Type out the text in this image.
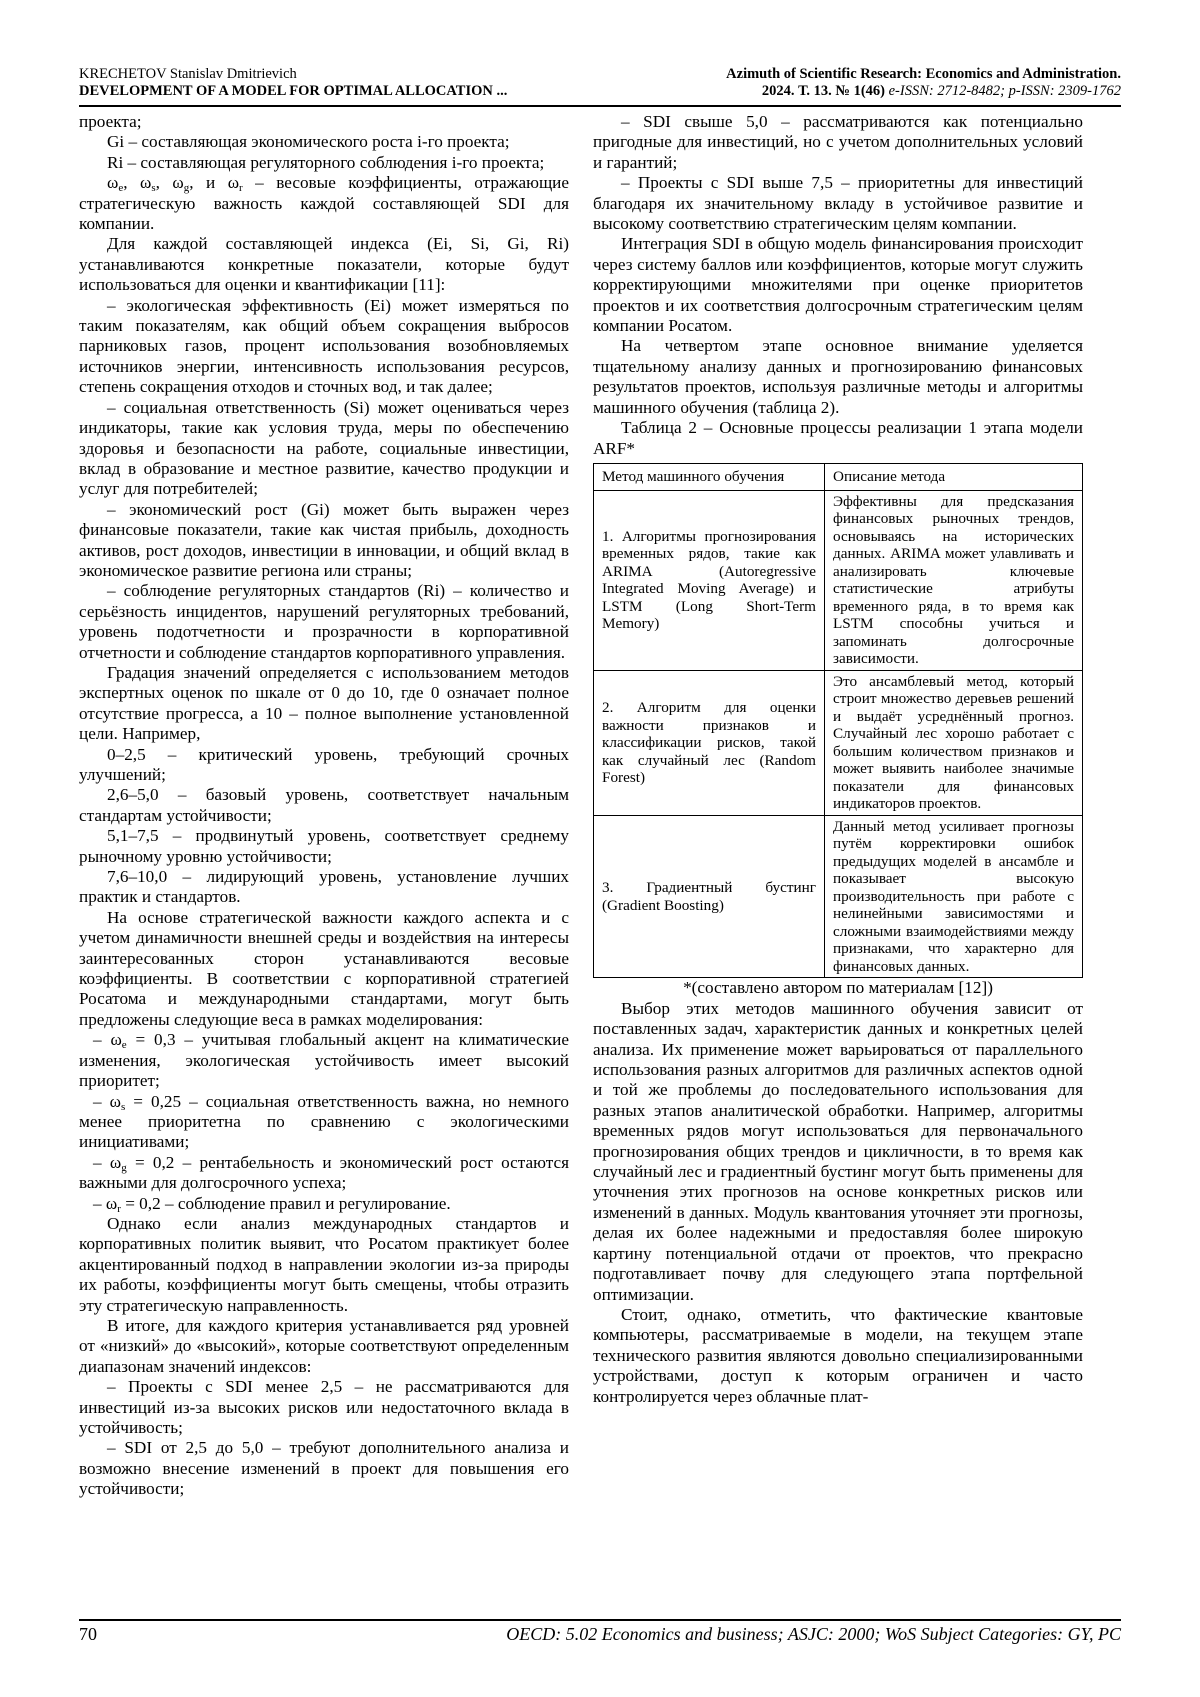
KRECHETOV Stanislav Dmitrievich
DEVELOPMENT OF A MODEL FOR OPTIMAL ALLOCATION ...
Azimuth of Scientific Research: Economics and Administration.
2024. Т. 13. № 1(46) e-ISSN: 2712-8482; p-ISSN: 2309-1762

проекта;

Gi – составляющая экономического роста i-го проекта;

Ri – составляющая регуляторного соблюдения i-го проекта;

$\omega_e$, $\omega_s$, $\omega_g$, и $\omega_r$ – весовые коэффициенты, отражающие стратегическую важность каждой составляющей SDI для компании.

Для каждой составляющей индекса (Ei, Si, Gi, Ri) устанавливаются конкретные показатели, которые будут использоваться для оценки и квантификации [11]:

– экологическая эффективность (Ei) может измеряться по таким показателям, как общий объем сокращения выбросов парниковых газов, процент использования возобновляемых источников энергии, интенсивность использования ресурсов, степень сокращения отходов и сточных вод, и так далее;

– социальная ответственность (Si) может оцениваться через индикаторы, такие как условия труда, меры по обеспечению здоровья и безопасности на работе, социальные инвестиции, вклад в образование и местное развитие, качество продукции и услуг для потребителей;

– экономический рост (Gi) может быть выражен через финансовые показатели, такие как чистая прибыль, доходность активов, рост доходов, инвестиции в инновации, и общий вклад в экономическое развитие региона или страны;

– соблюдение регуляторных стандартов (Ri) – количество и серьёзность инцидентов, нарушений регуляторных требований, уровень подотчетности и прозрачности в корпоративной отчетности и соблюдение стандартов корпоративного управления.

Градация значений определяется с использованием методов экспертных оценок по шкале от 0 до 10, где 0 означает полное отсутствие прогресса, а 10 – полное выполнение установленной цели. Например,

0–2,5 – критический уровень, требующий срочных улучшений;

2,6–5,0 – базовый уровень, соответствует начальным стандартам устойчивости;

5,1–7,5 – продвинутый уровень, соответствует среднему рыночному уровню устойчивости;

7,6–10,0 – лидирующий уровень, установление лучших практик и стандартов.

На основе стратегической важности каждого аспекта и с учетом динамичности внешней среды и воздействия на интересы заинтересованных сторон устанавливаются весовые коэффициенты. В соответствии с корпоративной стратегией Росатома и международными стандартами, могут быть предложены следующие веса в рамках моделирования:

– $\omega_e = 0,3$ – учитывая глобальный акцент на климатические изменения, экологическая устойчивость имеет высокий приоритет;

– $\omega_s = 0,25$ – социальная ответственность важна, но немного менее приоритетна по сравнению с экологическими инициативами;

– $\omega_g = 0,2$ – рентабельность и экономический рост остаются важными для долгосрочного успеха;

– $\omega_r = 0,2$ – соблюдение правил и регулирование.

Однако если анализ международных стандартов и корпоративных политик выявит, что Росатом практикует более акцентированный подход в направлении экологии из-за природы их работы, коэффициенты могут быть смещены, чтобы отразить эту стратегическую направленность.

В итоге, для каждого критерия устанавливается ряд уровней от «низкий» до «высокий», которые соответствуют определенным диапазонам значений индексов:

– Проекты с SDI менее 2,5 – не рассматриваются для инвестиций из-за высоких рисков или недостаточного вклада в устойчивость;

– SDI от 2,5 до 5,0 – требуют дополнительного анализа и возможно внесение изменений в проект для повышения его устойчивости;

– SDI свыше 5,0 – рассматриваются как потенциально пригодные для инвестиций, но с учетом дополнительных условий и гарантий;

– Проекты с SDI выше 7,5 – приоритетны для инвестиций благодаря их значительному вкладу в устойчивое развитие и высокому соответствию стратегическим целям компании.

Интеграция SDI в общую модель финансирования происходит через систему баллов или коэффициентов, которые могут служить корректирующими множителями при оценке приоритетов проектов и их соответствия долгосрочным стратегическим целям компании Росатом.

На четвертом этапе основное внимание уделяется тщательному анализу данных и прогнозированию финансовых результатов проектов, используя различные методы и алгоритмы машинного обучения (таблица 2).

Таблица 2 – Основные процессы реализации 1 этапа модели ARF*

Метод машинного обучения	Описание метода
1. Алгоритмы прогнозирования временных рядов, такие как ARIMA (Autoregressive Integrated Moving Average) и LSTM (Long Short-Term Memory)	Эффективны для предсказания финансовых рыночных трендов, основываясь на исторических данных. ARIMA может улавливать и анализировать ключевые статистические атрибуты временного ряда, в то время как LSTM способны учиться и запоминать долгосрочные зависимости.
2. Алгоритм для оценки важности признаков и классификации рисков, такой как случайный лес (Random Forest)	Это ансамблевый метод, который строит множество деревьев решений и выдаёт усреднённый прогноз. Случайный лес хорошо работает с большим количеством признаков и может выявить наиболее значимые показатели для финансовых индикаторов проектов.
3. Градиентный бустинг (Gradient Boosting)	Данный метод усиливает прогнозы путём корректировки ошибок предыдущих моделей в ансамбле и показывает высокую производительность при работе с нелинейными зависимостями и сложными взаимодействиями между признаками, что характерно для финансовых данных.

*(составлено автором по материалам [12])

Выбор этих методов машинного обучения зависит от поставленных задач, характеристик данных и конкретных целей анализа. Их применение может варьироваться от параллельного использования разных алгоритмов для различных аспектов одной и той же проблемы до последовательного использования для разных этапов аналитической обработки. Например, алгоритмы временных рядов могут использоваться для первоначального прогнозирования общих трендов и цикличности, в то время как случайный лес и градиентный бустинг могут быть применены для уточнения этих прогнозов на основе конкретных рисков или изменений в данных. Модуль квантования уточняет эти прогнозы, делая их более надежными и предоставляя более широкую картину потенциальной отдачи от проектов, что прекрасно подготавливает почву для следующего этапа портфельной оптимизации.

Стоит, однако, отметить, что фактические квантовые компьютеры, рассматриваемые в модели, на текущем этапе технического развития являются довольно специализированными устройствами, доступ к которым ограничен и часто контролируется через облачные плат-

70	OECD: 5.02 Economics and business; ASJC: 2000; WoS Subject Categories: GY, PC
